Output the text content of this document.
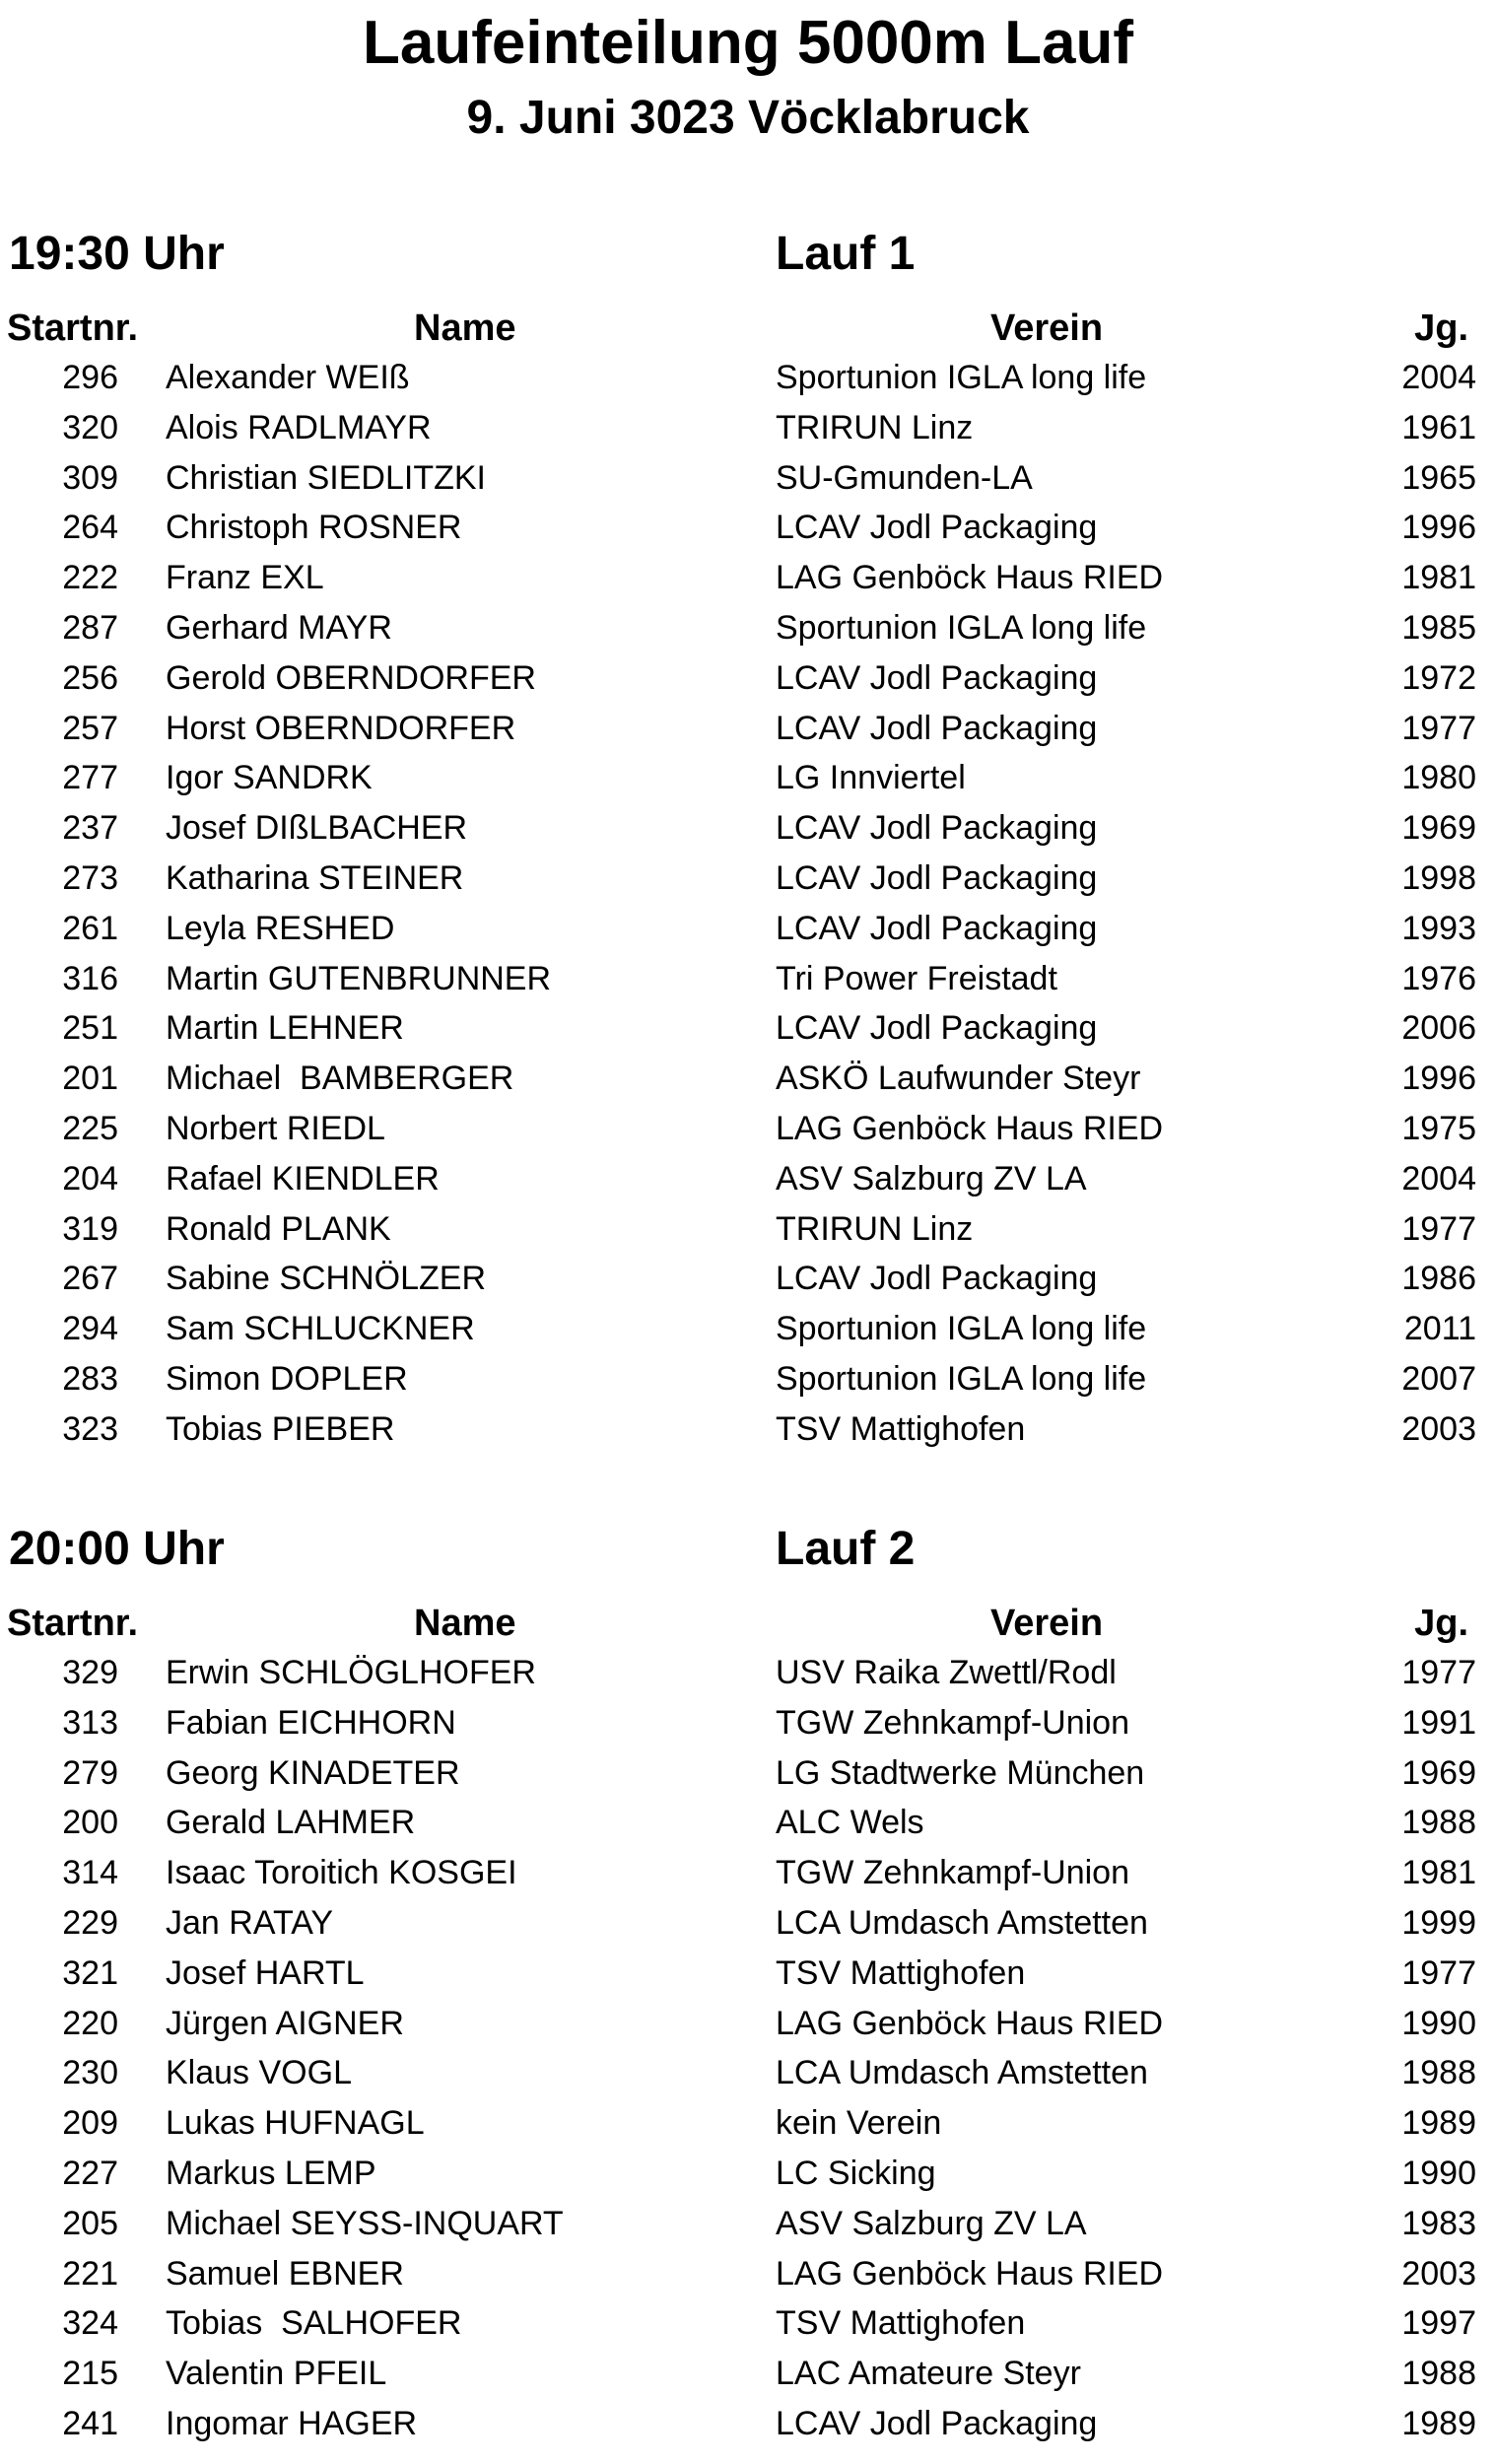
Laufeinteilung 5000m Lauf
9. Juni 3023 Vöcklabruck
19:30 Uhr	Lauf 1
Startnr.	Name	Verein	Jg.
296 Alexander WEIß	Sportunion IGLA long life	2004
320 Alois RADLMAYR	TRIRUN Linz	1961
309 Christian SIEDLITZKI	SU-Gmunden-LA	1965
264 Christoph ROSNER	LCAV Jodl Packaging	1996
222 Franz EXL	LAG Genböck Haus RIED	1981
287 Gerhard MAYR	Sportunion IGLA long life	1985
256 Gerold OBERNDORFER	LCAV Jodl Packaging	1972
257 Horst OBERNDORFER	LCAV Jodl Packaging	1977
277 Igor SANDRK	LG Innviertel	1980
237 Josef DIßLBACHER	LCAV Jodl Packaging	1969
273 Katharina STEINER	LCAV Jodl Packaging	1998
261 Leyla RESHED	LCAV Jodl Packaging	1993
316 Martin GUTENBRUNNER	Tri Power Freistadt	1976
251 Martin LEHNER	LCAV Jodl Packaging	2006
201 Michael  BAMBERGER	ASKÖ Laufwunder Steyr	1996
225 Norbert RIEDL	LAG Genböck Haus RIED	1975
204 Rafael KIENDLER	ASV Salzburg ZV LA	2004
319 Ronald PLANK	TRIRUN Linz	1977
267 Sabine SCHNÖLZER	LCAV Jodl Packaging	1986
294 Sam SCHLUCKNER	Sportunion IGLA long life	2011
283 Simon DOPLER	Sportunion IGLA long life	2007
323 Tobias PIEBER	TSV Mattighofen	2003
20:00 Uhr	Lauf 2
Startnr.	Name	Verein	Jg.
329 Erwin SCHLÖGLHOFER	USV Raika Zwettl/Rodl	1977
313 Fabian EICHHORN	TGW Zehnkampf-Union	1991
279 Georg KINADETER	LG Stadtwerke München	1969
200 Gerald LAHMER	ALC Wels	1988
314 Isaac Toroitich KOSGEI	TGW Zehnkampf-Union	1981
229 Jan RATAY	LCA Umdasch Amstetten	1999
321 Josef HARTL	TSV Mattighofen	1977
220 Jürgen AIGNER	LAG Genböck Haus RIED	1990
230 Klaus VOGL	LCA Umdasch Amstetten	1988
209 Lukas HUFNAGL	kein Verein	1989
227 Markus LEMP	LC Sicking	1990
205 Michael SEYSS-INQUART	ASV Salzburg ZV LA	1983
221 Samuel EBNER	LAG Genböck Haus RIED	2003
324 Tobias  SALHOFER	TSV Mattighofen	1997
215 Valentin PFEIL	LAC Amateure Steyr	1988
241 Ingomar HAGER	LCAV Jodl Packaging	1989
